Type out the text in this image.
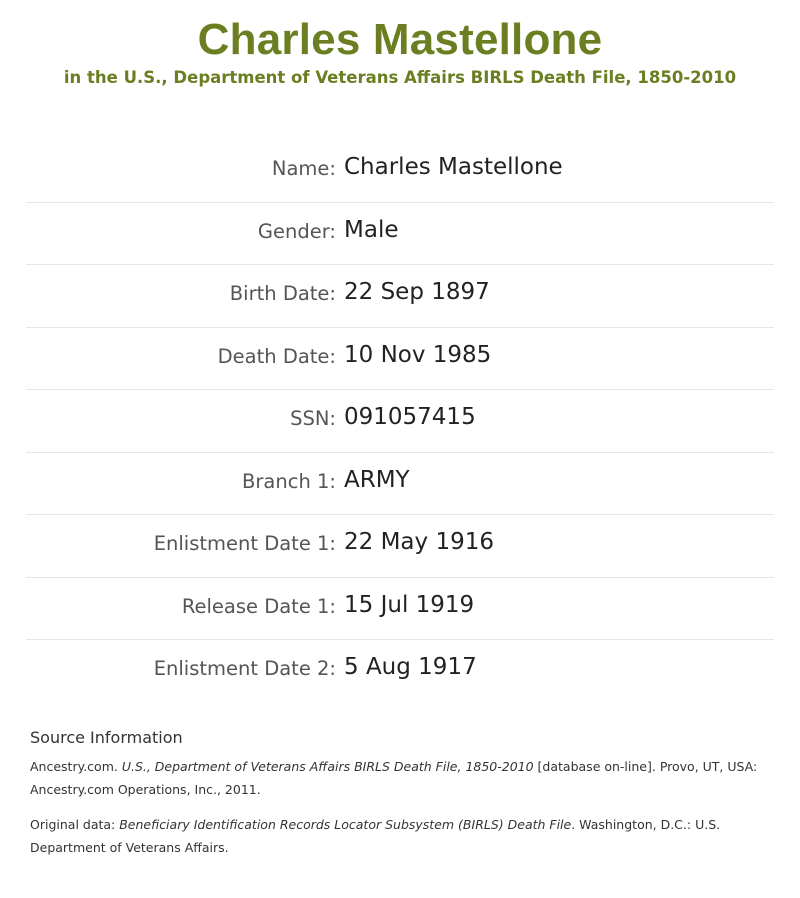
Charles Mastellone
in the U.S., Department of Veterans Affairs BIRLS Death File, 1850-2010
Name: Charles Mastellone
Gender: Male
Birth Date: 22 Sep 1897
Death Date: 10 Nov 1985
SSN: 091057415
Branch 1: ARMY
Enlistment Date 1: 22 May 1916
Release Date 1: 15 Jul 1919
Enlistment Date 2: 5 Aug 1917
Source Information

Ancestry.com. U.S., Department of Veterans Affairs BIRLS Death File, 1850-2010 [database on-line]. Provo, UT, USA: Ancestry.com Operations, Inc., 2011.

Original data: Beneficiary Identification Records Locator Subsystem (BIRLS) Death File. Washington, D.C.: U.S. Department of Veterans Affairs.
